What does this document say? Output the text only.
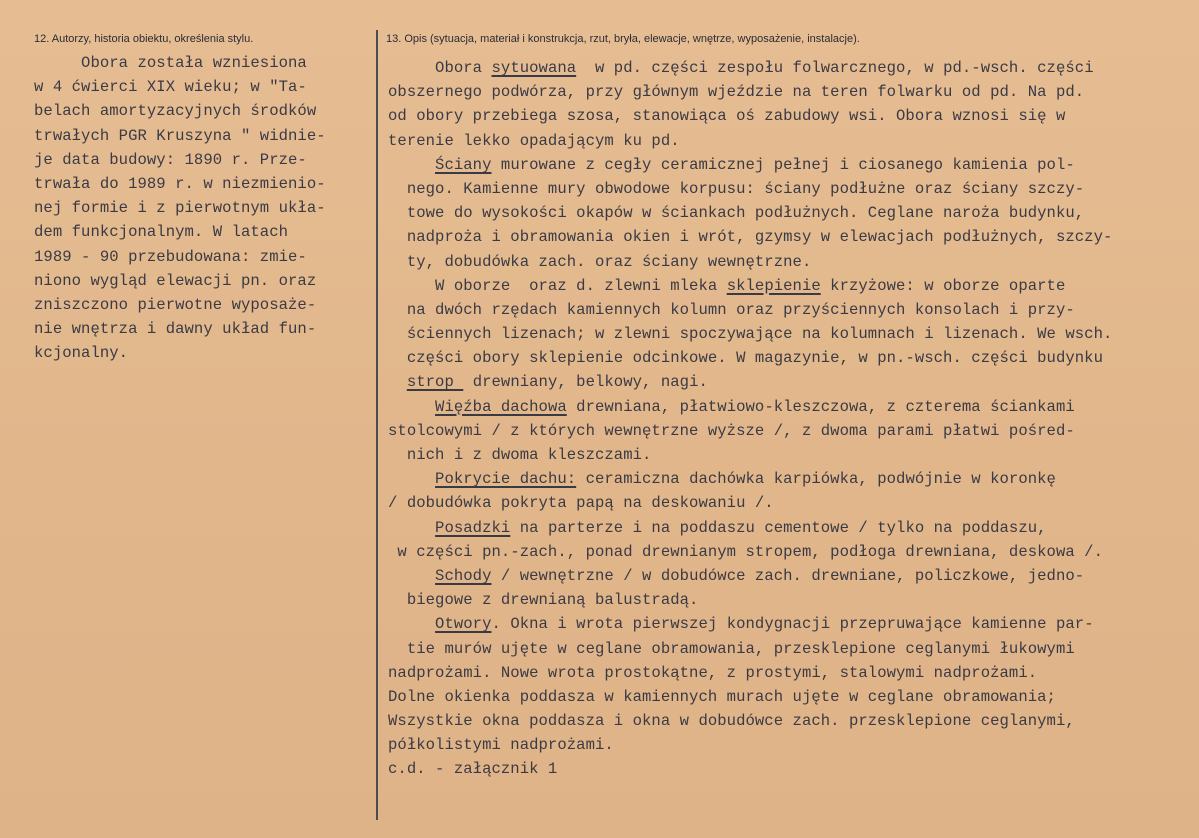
12. Autorzy, historia obiektu, określenia stylu.	13. Opis (sytuacja, materiał i konstrukcja, rzut, bryła, elewacje, wnętrze, wyposażenie, instalacje).
Obora została wzniesiona
w 4 ćwierci XIX wieku; w "Ta-
belach amortyzacyjnych środków
trwałych PGR Kruszyna " widnie-
je data budowy: 1890 r. Prze-
trwała do 1989 r. w niezmienio-
nej formie i z pierwotnym ukła-
dem funkcjonalnym. W latach
1989 - 90 przebudowana: zmie-
niono wygląd elewacji pn. oraz
zniszczono pierwotne wyposaże-
nie wnętrza i dawny układ fun-
kcjonalny.
Obora sytuowana  w pd. części zespołu folwarcznego, w pd.-wsch. części
obszernego podwórza, przy głównym wjeździe na teren folwarku od pd. Na pd.
od obory przebiega szosa, stanowiąca oś zabudowy wsi. Obora wznosi się w
terenie lekko opadającym ku pd.
Ściany murowane z cegły ceramicznej pełnej i ciosanego kamienia pol-
nego. Kamienne mury obwodowe korpusu: ściany podłużne oraz ściany szczy-
towe do wysokości okapów w ściankach podłużnych. Ceglane naroża budynku,
nadproża i obramowania okien i wrót, gzymsy w elewacjach podłużnych, szczy-
ty, dobudówka zach. oraz ściany wewnętrzne.
W oborze  oraz d. zlewni mleka sklepienie krzyżowe: w oborze oparte
na dwóch rzędach kamiennych kolumn oraz przyściennych konsolach i przy-
ściennych lizenach; w zlewni spoczywające na kolumnach i lizenach. We wsch.
części obory sklepienie odcinkowe. W magazynie, w pn.-wsch. części budynku
strop  drewniany, belkowy, nagi.
Więźba dachowa drewniana, płatwiowo-kleszczowa, z czterema ściankami
stolcowymi / z których wewnętrzne wyższe /, z dwoma parami płatwi pośred-
nich i z dwoma kleszczami.
Pokrycie dachu: ceramiczna dachówka karpiówka, podwójnie w koronkę
/ dobudówka pokryta papą na deskowaniu /.
Posadzki na parterze i na poddaszu cementowe / tylko na poddaszu,
w części pn.-zach., ponad drewnianym stropem, podłoga drewniana, deskowa /.
Schody / wewnętrzne / w dobudówce zach. drewniane, policzkowe, jedno-
biegowe z drewnianą balustradą.
Otwory. Okna i wrota pierwszej kondygnacji przepruwające kamienne par-
tie murów ujęte w ceglane obramowania, przesklepione ceglanymi łukowymi
nadprożami. Nowe wrota prostokątne, z prostymi, stalowymi nadprożami.
Dolne okienka poddasza w kamiennych murach ujęte w ceglane obramowania;
Wszystkie okna poddasza i okna w dobudówce zach. przesklepione ceglanymi,
półkolistymi nadprożami.
c.d. - załącznik 1
